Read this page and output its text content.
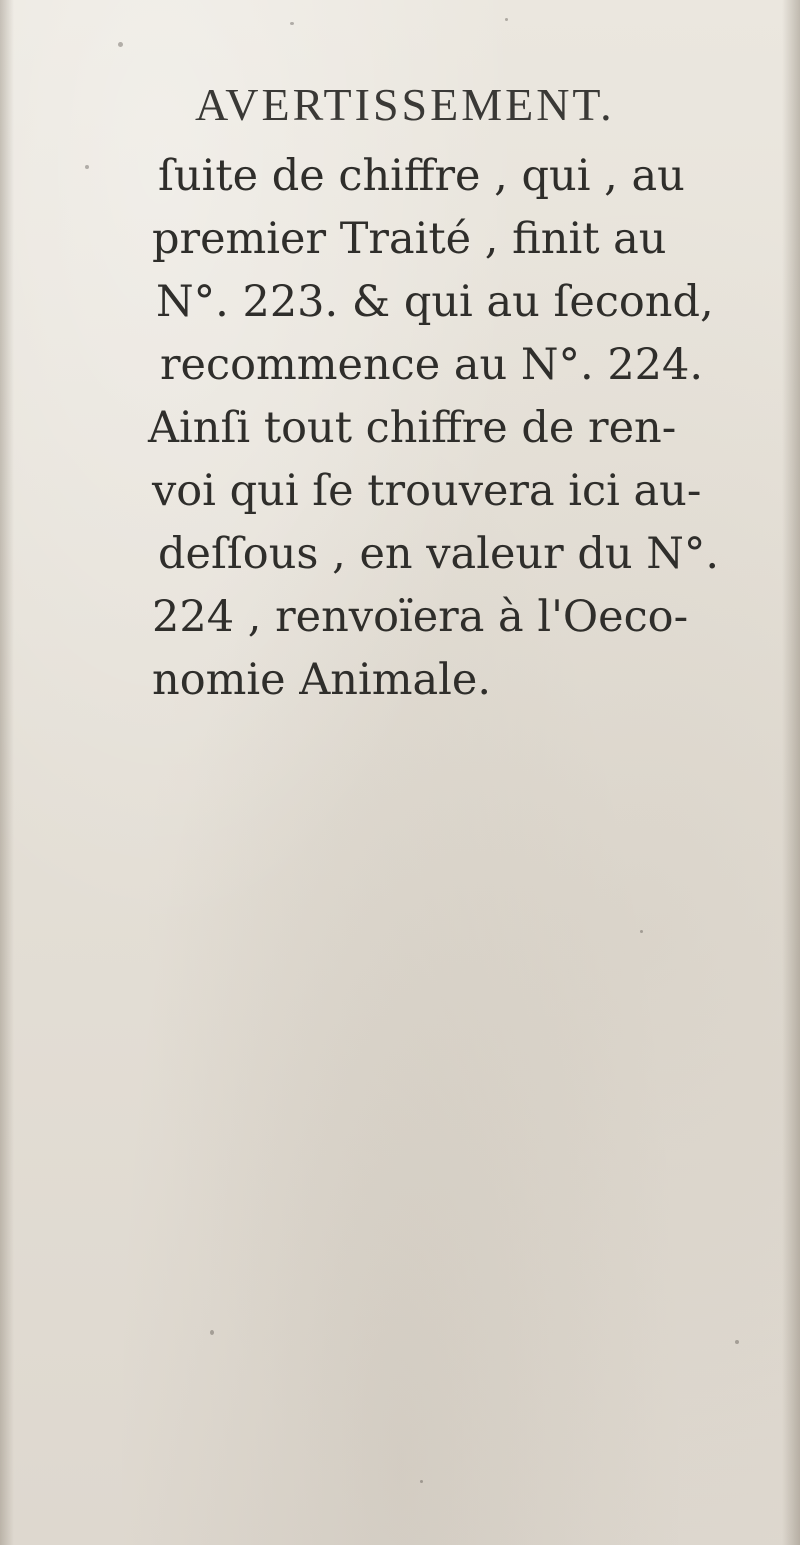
AVERTISSEMENT.
ſuite de chiffre , qui , au
premier Traité , finit au
N°. 223. & qui au ſecond,
recommence au N°. 224.
Ainſi tout chiffre de ren-
voi qui ſe trouvera ici au-
deſſous , en valeur du N°.
224 , renvoïera à l'Oeco-
nomie Animale.
